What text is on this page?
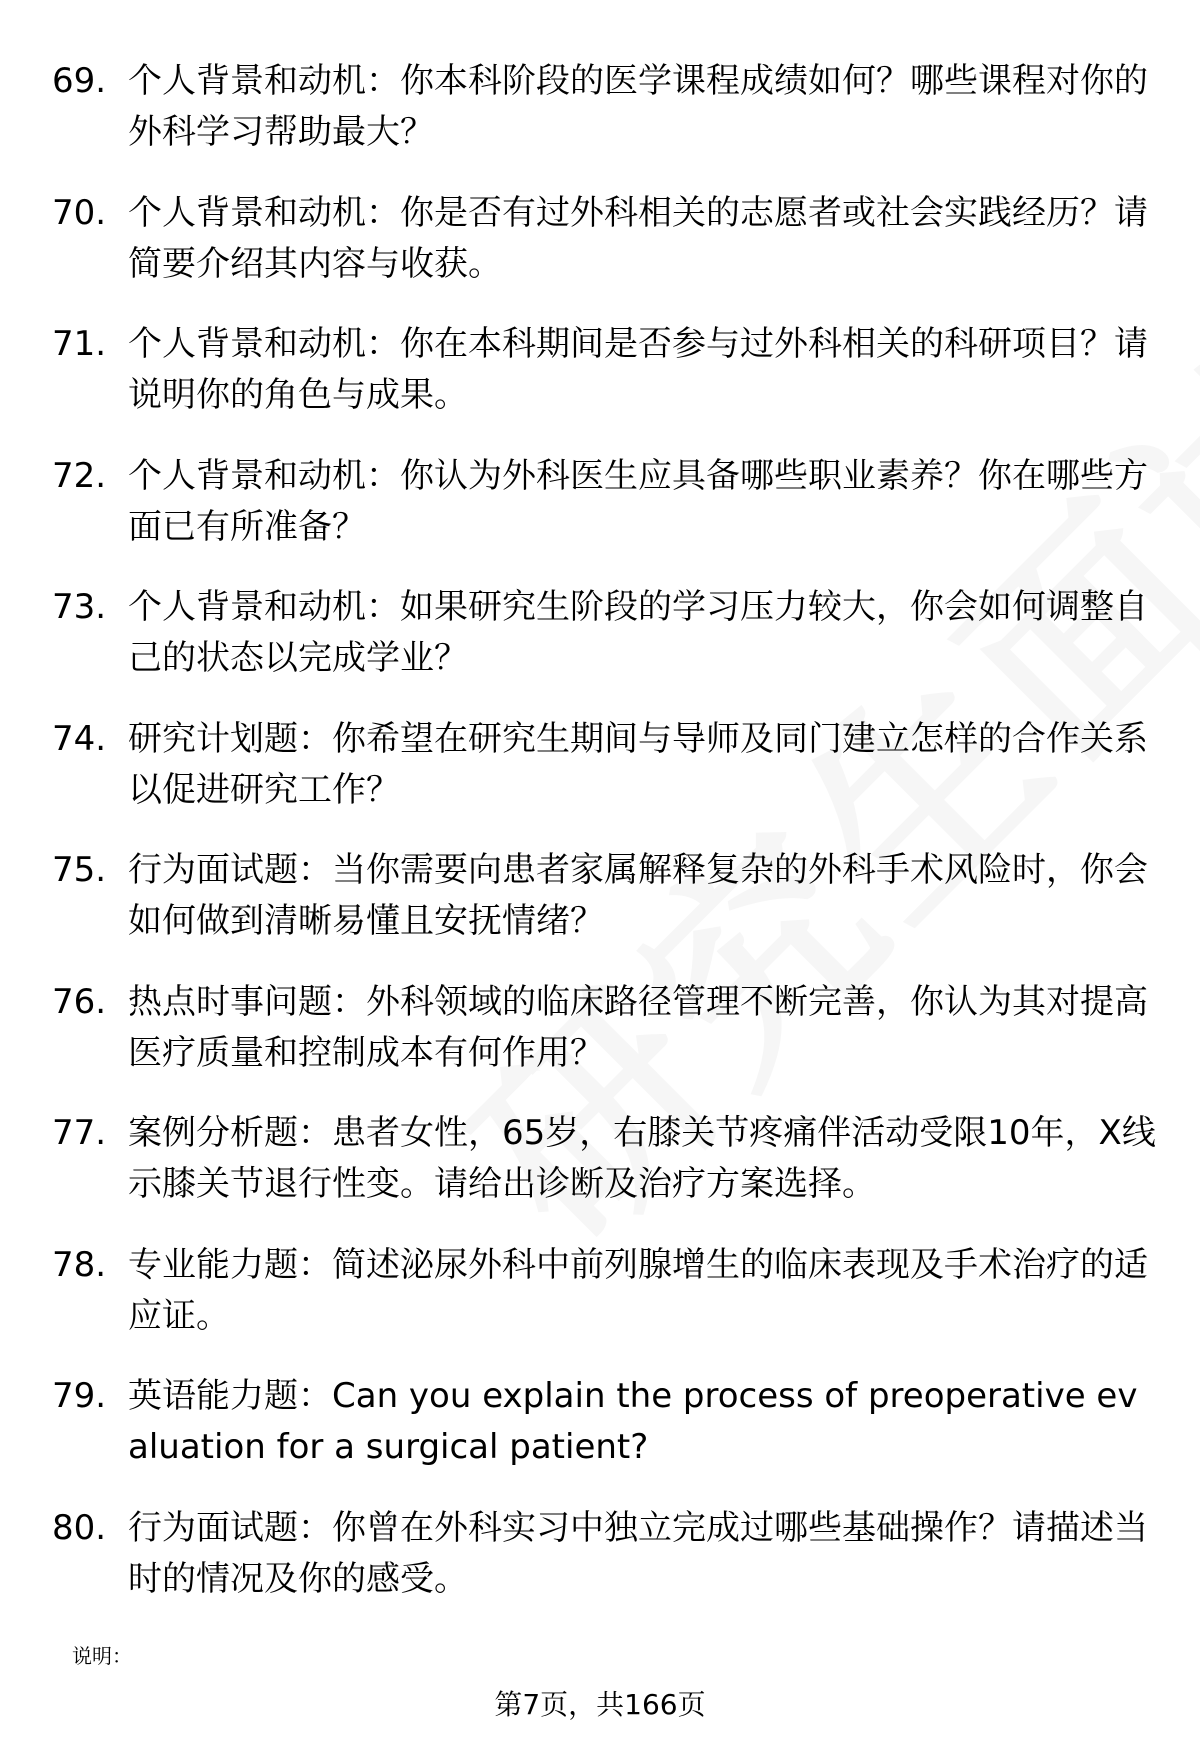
69. 个人背景和动机：你本科阶段的医学课程成绩如何？哪些课程对你的外科学习帮助最大？
70. 个人背景和动机：你是否有过外科相关的志愿者或社会实践经历？请简要介绍其内容与收获。
71. 个人背景和动机：你在本科期间是否参与过外科相关的科研项目？请说明你的角色与成果。
72. 个人背景和动机：你认为外科医生应具备哪些职业素养？你在哪些方面已有所准备？
73. 个人背景和动机：如果研究生阶段的学习压力较大，你会如何调整自己的状态以完成学业？
74. 研究计划题：你希望在研究生期间与导师及同门建立怎样的合作关系以促进研究工作？
75. 行为面试题：当你需要向患者家属解释复杂的外科手术风险时，你会如何做到清晰易懂且安抚情绪？
76. 热点时事问题：外科领域的临床路径管理不断完善，你认为其对提高医疗质量和控制成本有何作用？
77. 案例分析题：患者女性，65岁，右膝关节疼痛伴活动受限10年，X线示膝关节退行性变。请给出诊断及治疗方案选择。
78. 专业能力题：简述泌尿外科中前列腺增生的临床表现及手术治疗的适应证。
79. 英语能力题：Can you explain the process of preoperative evaluation for a surgical patient?
80. 行为面试题：你曾在外科实习中独立完成过哪些基础操作？请描述当时的情况及你的感受。
说明：
第7页，共166页
